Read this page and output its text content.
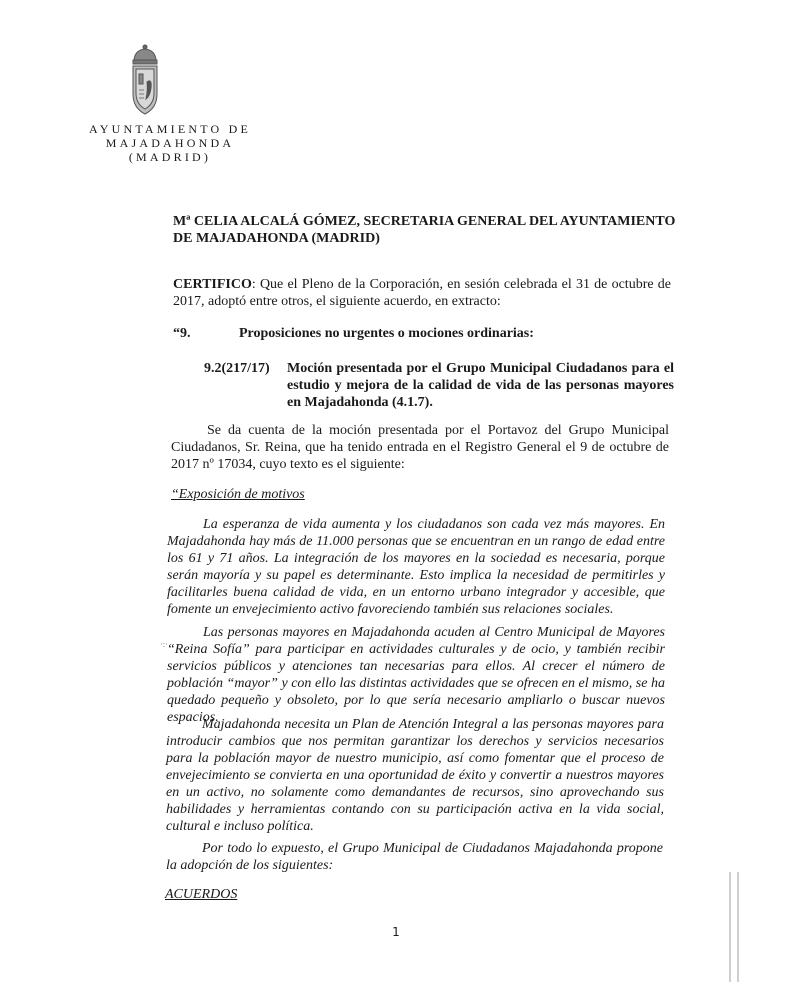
AYUNTAMIENTO DE
MAJADAHONDA
(MADRID)
Mª CELIA ALCALÁ GÓMEZ, SECRETARIA GENERAL DEL AYUNTAMIENTO
DE MAJADAHONDA (MADRID)
CERTIFICO: Que el Pleno de la Corporación, en sesión celebrada el 31 de octubre de 2017, adoptó entre otros, el siguiente acuerdo, en extracto:
“9.	Proposiciones no urgentes o mociones ordinarias:
9.2(217/17) Moción presentada por el Grupo Municipal Ciudadanos para el estudio y mejora de la calidad de vida de las personas mayores en Majadahonda (4.1.7).
Se da cuenta de la moción presentada por el Portavoz del Grupo Municipal Ciudadanos, Sr. Reina, que ha tenido entrada en el Registro General el 9 de octubre de 2017 nº 17034, cuyo texto es el siguiente:
“Exposición de motivos
La esperanza de vida aumenta y los ciudadanos son cada vez más mayores. En Majadahonda hay más de 11.000 personas que se encuentran en un rango de edad entre los 61 y 71 años. La integración de los mayores en la sociedad es necesaria, porque serán mayoría y su papel es determinante. Esto implica la necesidad de permitirles y facilitarles buena calidad de vida, en un entorno urbano integrador y accesible, que fomente un envejecimiento activo favoreciendo también sus relaciones sociales.
·:·
Las personas mayores en Majadahonda acuden al Centro Municipal de Mayores “Reina Sofía” para participar en actividades culturales y de ocio, y también recibir servicios públicos y atenciones tan necesarias para ellos. Al crecer el número de población “mayor” y con ello las distintas actividades que se ofrecen en el mismo, se ha quedado pequeño y obsoleto, por lo que sería necesario ampliarlo o buscar nuevos espacios.
Majadahonda necesita un Plan de Atención Integral a las personas mayores para introducir cambios que nos permitan garantizar los derechos y servicios necesarios para la población mayor de nuestro municipio, así como fomentar que el proceso de envejecimiento se convierta en una oportunidad de éxito y convertir a nuestros mayores en un activo, no solamente como demandantes de recursos, sino aprovechando sus habilidades y herramientas contando con su participación activa en la vida social, cultural e incluso política.
Por todo lo expuesto, el Grupo Municipal de Ciudadanos Majadahonda propone la adopción de los siguientes:
ACUERDOS
1
